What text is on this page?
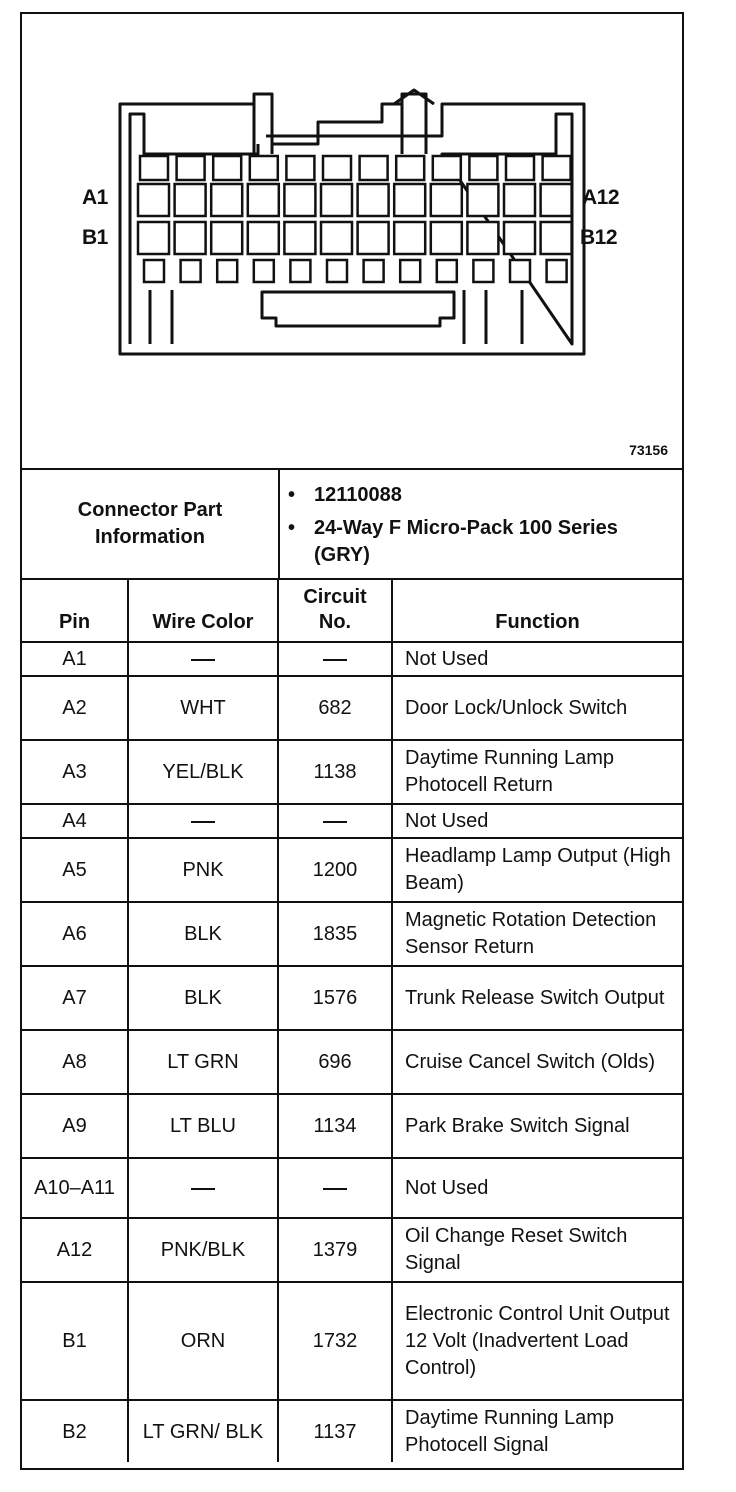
A1
B1
A12
B12
73156
Connector Part Information
• 12110088
• 24-Way F Micro-Pack 100 Series (GRY)
Pin	Wire Color	Circuit No.	Function
A1			Not Used
A2	WHT	682	Door Lock/Unlock Switch
A3	YEL/BLK	1138	Daytime Running Lamp Photocell Return
A4			Not Used
A5	PNK	1200	Headlamp Lamp Output (High Beam)
A6	BLK	1835	Magnetic Rotation Detection Sensor Return
A7	BLK	1576	Trunk Release Switch Output
A8	LT GRN	696	Cruise Cancel Switch (Olds)
A9	LT BLU	1134	Park Brake Switch Signal
A10–A11			Not Used
A12	PNK/BLK	1379	Oil Change Reset Switch Signal
B1	ORN	1732	Electronic Control Unit Output 12 Volt (Inadvertent Load Control)
B2	LT GRN/ BLK	1137	Daytime Running Lamp Photocell Signal
